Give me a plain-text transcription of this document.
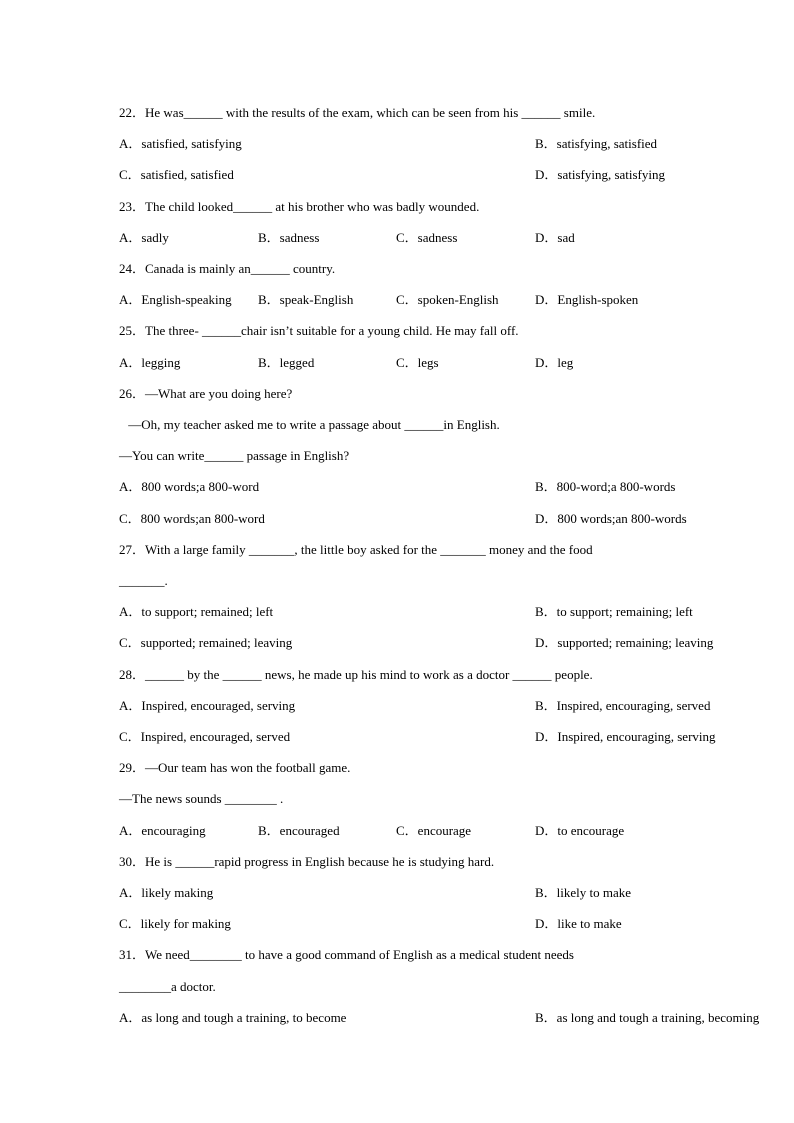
22．He was______ with the results of the exam, which can be seen from his ______ smile.
A．satisfied, satisfying	B．satisfying, satisfied
C．satisfied, satisfied	D．satisfying, satisfying
23．The child looked______ at his brother who was badly wounded.
A．sadly	B．sadness	C．sadness	D．sad
24．Canada is mainly an______ country.
A．English-speaking B．speak-English	C．spoken-English	D．English-spoken
25．The three- ______chair isn’t suitable for a young child. He may fall off.
A．legging	B．legged	C．legs	D．leg
26．—What are you doing here?
—Oh, my teacher asked me to write a passage about ______in English.
—You can write______ passage in English?
A．800 words;a 800-word	B．800-word;a 800-words
C．800 words;an 800-word	D．800 words;an 800-words
27．With a large family _______, the little boy asked for the _______ money and the food
_______.
A．to support; remained; left	B．to support; remaining; left
C．supported; remained; leaving	D．supported; remaining; leaving
28．______ by the ______ news, he made up his mind to work as a doctor ______ people.
A．Inspired, encouraged, serving	B．Inspired, encouraging, served
C．Inspired, encouraged, served	D．Inspired, encouraging, serving
29．—Our team has won the football game.
—The news sounds ________ .
A．encouraging	B．encouraged	C．encourage	D．to encourage
30．He is ______rapid progress in English because he is studying hard.
A．likely making	B．likely to make
C．likely for making	D．like to make
31．We need________ to have a good command of English as a medical student needs
________a doctor.
A．as long and tough a training, to become	B．as long and tough a training, becoming
